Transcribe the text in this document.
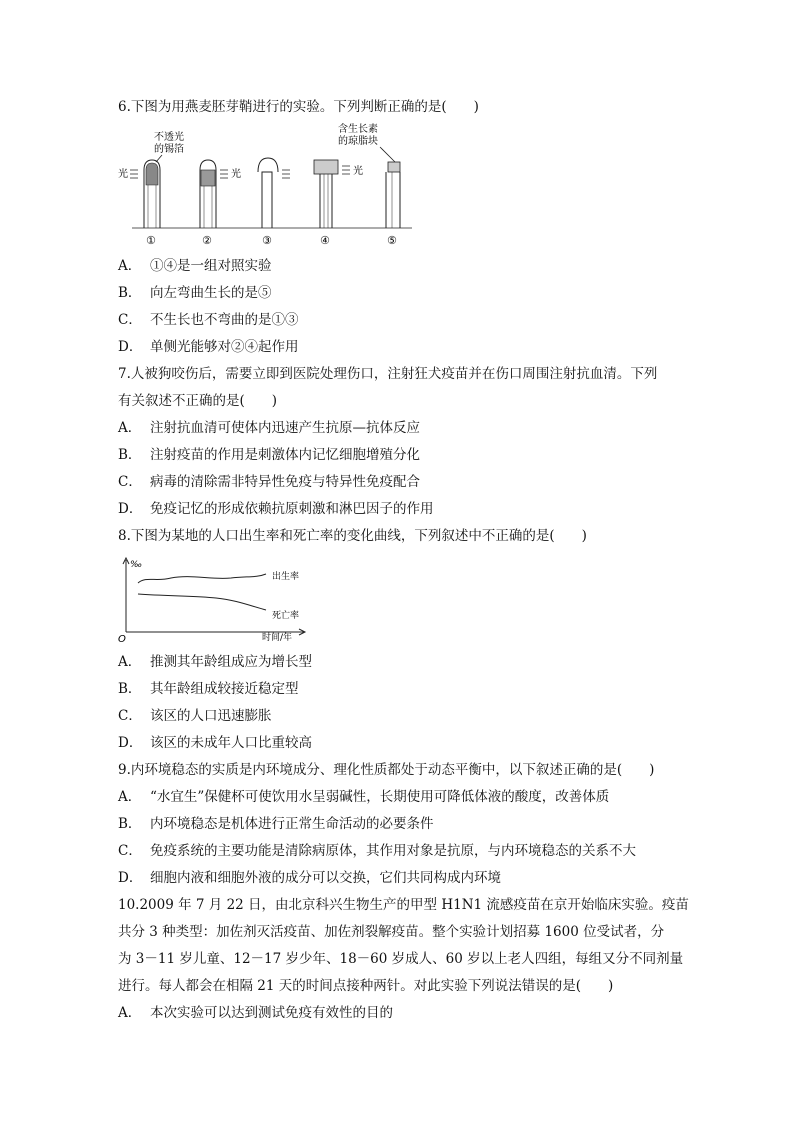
6.下图为用燕麦胚芽鞘进行的实验。下列判断正确的是(　　)
不透光
的锡箔
含生长素
的琼脂块
光	光	光
①	②	③	④	⑤
A． ①④是一组对照实验
B． 向左弯曲生长的是⑤
C． 不生长也不弯曲的是①③
D． 单侧光能够对②④起作用
7.人被狗咬伤后，需要立即到医院处理伤口，注射狂犬疫苗并在伤口周围注射抗血清。下列
有关叙述不正确的是(　　)
A． 注射抗血清可使体内迅速产生抗原—抗体反应
B． 注射疫苗的作用是刺激体内记忆细胞增殖分化
C． 病毒的清除需非特异性免疫与特异性免疫配合
D． 免疫记忆的形成依赖抗原刺激和淋巴因子的作用
8.下图为某地的人口出生率和死亡率的变化曲线，下列叙述中不正确的是(　　)
‰
O	时间/年
出生率
死亡率
A． 推测其年龄组成应为增长型
B． 其年龄组成较接近稳定型
C． 该区的人口迅速膨胀
D． 该区的未成年人口比重较高
9.内环境稳态的实质是内环境成分、理化性质都处于动态平衡中，以下叙述正确的是(　　)
A． “水宜生”保健杯可使饮用水呈弱碱性，长期使用可降低体液的酸度，改善体质
B． 内环境稳态是机体进行正常生命活动的必要条件
C． 免疫系统的主要功能是清除病原体，其作用对象是抗原，与内环境稳态的关系不大
D． 细胞内液和细胞外液的成分可以交换，它们共同构成内环境
10.2009 年 7 月 22 日，由北京科兴生物生产的甲型 H1N1 流感疫苗在京开始临床实验。疫苗
共分 3 种类型：加佐剂灭活疫苗、加佐剂裂解疫苗。整个实验计划招募 1600 位受试者，分
为 3－11 岁儿童、12－17 岁少年、18－60 岁成人、60 岁以上老人四组，每组又分不同剂量
进行。每人都会在相隔 21 天的时间点接种两针。对此实验下列说法错误的是(　　)
A． 本次实验可以达到测试免疫有效性的目的
